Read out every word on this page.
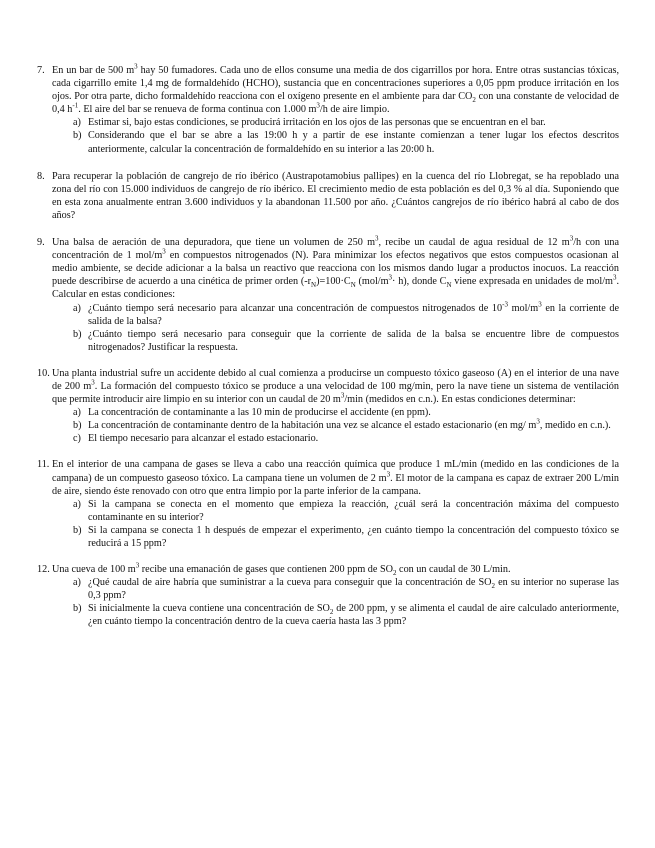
7. En un bar de 500 $m^3$ hay 50 fumadores. Cada uno de ellos consume una media de dos cigarrillos por hora. Entre otras sustancias tóxicas, cada cigarrillo emite 1,4 mg de formaldehído (HCHO), sustancia que en concentraciones superiores a 0,05 ppm produce irritación en los ojos. Por otra parte, dicho formaldehído reacciona con el oxígeno presente en el ambiente para dar $CO_2$ con una constante de velocidad de 0,4 $h^{-1}$. El aire del bar se renueva de forma continua con 1.000 $m^3/h$ de aire limpio.
a) Estimar si, bajo estas condiciones, se producirá irritación en los ojos de las personas que se encuentran en el bar.
b) Considerando que el bar se abre a las 19:00 h y a partir de ese instante comienzan a tener lugar los efectos descritos anteriormente, calcular la concentración de formaldehído en su interior a las 20:00 h.
8. Para recuperar la población de cangrejo de río ibérico (Austrapotamobius pallipes) en la cuenca del río Llobregat, se ha repoblado una zona del río con 15.000 individuos de cangrejo de río ibérico. El crecimiento medio de esta población es del 0,3 % al día. Suponiendo que en esta zona anualmente entran 3.600 individuos y la abandonan 11.500 por año. ¿Cuántos cangrejos de río ibérico habrá al cabo de dos años?
9. Una balsa de aeración de una depuradora, que tiene un volumen de 250 $m^3$, recibe un caudal de agua residual de 12 $m^3/h$ con una concentración de 1 mol/$m^3$ en compuestos nitrogenados (N). Para minimizar los efectos negativos que estos compuestos ocasionan al medio ambiente, se decide adicionar a la balsa un reactivo que reacciona con los mismos dando lugar a productos inocuos. La reacción puede describirse de acuerdo a una cinética de primer orden $(-r_N)=100\cdot C_N$ $(mol/m^3\cdot h)$, donde $C_N$ viene expresada en unidades de mol/$m^3$. Calcular en estas condiciones:
a) ¿Cuánto tiempo será necesario para alcanzar una concentración de compuestos nitrogenados de $10^{-3}$ mol/$m^3$ en la corriente de salida de la balsa?
b) ¿Cuánto tiempo será necesario para conseguir que la corriente de salida de la balsa se encuentre libre de compuestos nitrogenados? Justificar la respuesta.
10. Una planta industrial sufre un accidente debido al cual comienza a producirse un compuesto tóxico gaseoso (A) en el interior de una nave de 200 $m^3$. La formación del compuesto tóxico se produce a una velocidad de 100 mg/min, pero la nave tiene un sistema de ventilación que permite introducir aire limpio en su interior con un caudal de 20 $m^3/\min$ (medidos en c.n.). En estas condiciones determinar:
a) La concentración de contaminante a las 10 min de producirse el accidente (en ppm).
b) La concentración de contaminante dentro de la habitación una vez se alcance el estado estacionario (en mg/ $m^3$, medido en c.n.).
c) El tiempo necesario para alcanzar el estado estacionario.
11. En el interior de una campana de gases se lleva a cabo una reacción química que produce 1 mL/min (medido en las condiciones de la campana) de un compuesto gaseoso tóxico. La campana tiene un volumen de 2 $m^3$. El motor de la campana es capaz de extraer 200 L/min de aire, siendo éste renovado con otro que entra limpio por la parte inferior de la campana.
a) Si la campana se conecta en el momento que empieza la reacción, ¿cuál será la concentración máxima del compuesto contaminante en su interior?
b) Si la campana se conecta 1 h después de empezar el experimento, ¿en cuánto tiempo la concentración del compuesto tóxico se reducirá a 15 ppm?
12. Una cueva de 100 $m^3$ recibe una emanación de gases que contienen 200 ppm de $SO_2$ con un caudal de 30 L/min.
a) ¿Qué caudal de aire habría que suministrar a la cueva para conseguir que la concentración de $SO_2$ en su interior no superase las 0,3 ppm?
b) Si inicialmente la cueva contiene una concentración de $SO_2$ de 200 ppm, y se alimenta el caudal de aire calculado anteriormente, ¿en cuánto tiempo la concentración dentro de la cueva caería hasta las 3 ppm?
